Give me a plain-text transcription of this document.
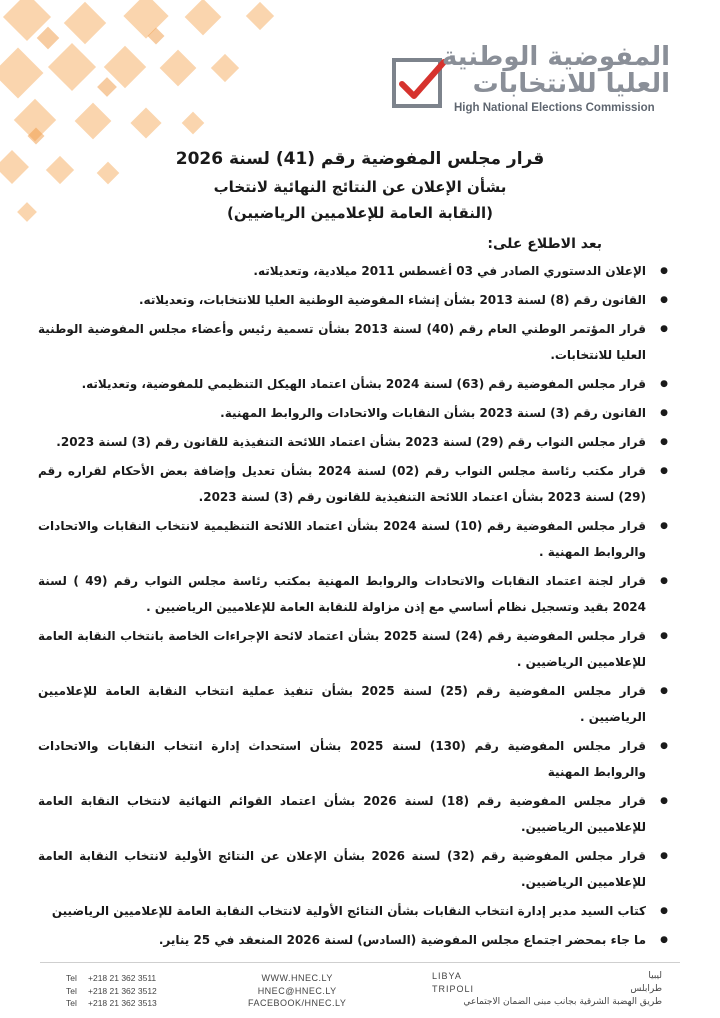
المفوضية الوطنية
العليا للانتخابات
High National Elections Commission
قرار مجلس المفوضية رقم (41) لسنة 2026
بشأن الإعلان عن النتائج النهائية لانتخاب
(النقابة العامة للإعلاميين الرياضيين)
بعد الاطلاع على:
● الإعلان الدستوري الصادر في 03 أغسطس 2011 ميلادية، وتعديلاته.
● القانون رقم (8) لسنة 2013 بشأن إنشاء المفوضية الوطنية العليا للانتخابات، وتعديلاته.
● قرار المؤتمر الوطني العام رقم (40) لسنة 2013 بشأن تسمية رئيس وأعضاء مجلس المفوضية الوطنية العليا للانتخابات.
● قرار مجلس المفوضية رقم (63) لسنة 2024 بشأن اعتماد الهيكل التنظيمي للمفوضية، وتعديلاته.
● القانون رقم (3) لسنة 2023 بشأن النقابات والاتحادات والروابط المهنية.
● قرار مجلس النواب رقم (29) لسنة 2023 بشأن اعتماد اللائحة التنفيذية للقانون رقم (3) لسنة 2023.
● قرار مكتب رئاسة مجلس النواب رقم (02) لسنة 2024 بشأن تعديل وإضافة بعض الأحكام لقراره رقم (29) لسنة 2023 بشأن اعتماد اللائحة التنفيذية للقانون رقم (3) لسنة 2023.
● قرار مجلس المفوضية رقم (10) لسنة 2024 بشأن اعتماد اللائحة التنظيمية لانتخاب النقابات والاتحادات والروابط المهنية .
● قرار لجنة اعتماد النقابات والاتحادات والروابط المهنية بمكتب رئاسة مجلس النواب رقم (49 ) لسنة 2024 بقيد وتسجيل نظام أساسي مع إذن مزاولة للنقابة العامة للإعلاميين الرياضيين .
● قرار مجلس المفوضية رقم (24) لسنة 2025 بشأن اعتماد لائحة الإجراءات الخاصة بانتخاب النقابة العامة للإعلاميين الرياضيين .
● قرار مجلس المفوضية رقم (25) لسنة 2025 بشأن تنفيذ عملية انتخاب النقابة العامة للإعلاميين الرياضيين .
● قرار مجلس المفوضية رقم (130) لسنة 2025 بشأن استحداث إدارة انتخاب النقابات والاتحادات والروابط المهنية
● قرار مجلس المفوضية رقم (18) لسنة 2026 بشأن اعتماد القوائم النهائية لانتخاب النقابة العامة للإعلاميين الرياضيين.
● قرار مجلس المفوضية رقم (32) لسنة 2026 بشأن الإعلان عن النتائج الأولية لانتخاب النقابة العامة للإعلاميين الرياضيين.
● كتاب السيد مدير إدارة انتخاب النقابات بشأن النتائج الأولية لانتخاب النقابة العامة للإعلاميين الرياضيين
● ما جاء بمحضر اجتماع مجلس المفوضية (السادس) لسنة 2026 المنعقد في 25 يناير.
Tel +218 21 362 3511
Tel +218 21 362 3512
Tel +218 21 362 3513
WWW.HNEC.LY
HNEC@HNEC.LY
FACEBOOK/HNEC.LY
LIBYA
TRIPOLI
ليبيا
طرابلس
طريق الهضبة الشرقية بجانب مبنى الضمان الاجتماعي
